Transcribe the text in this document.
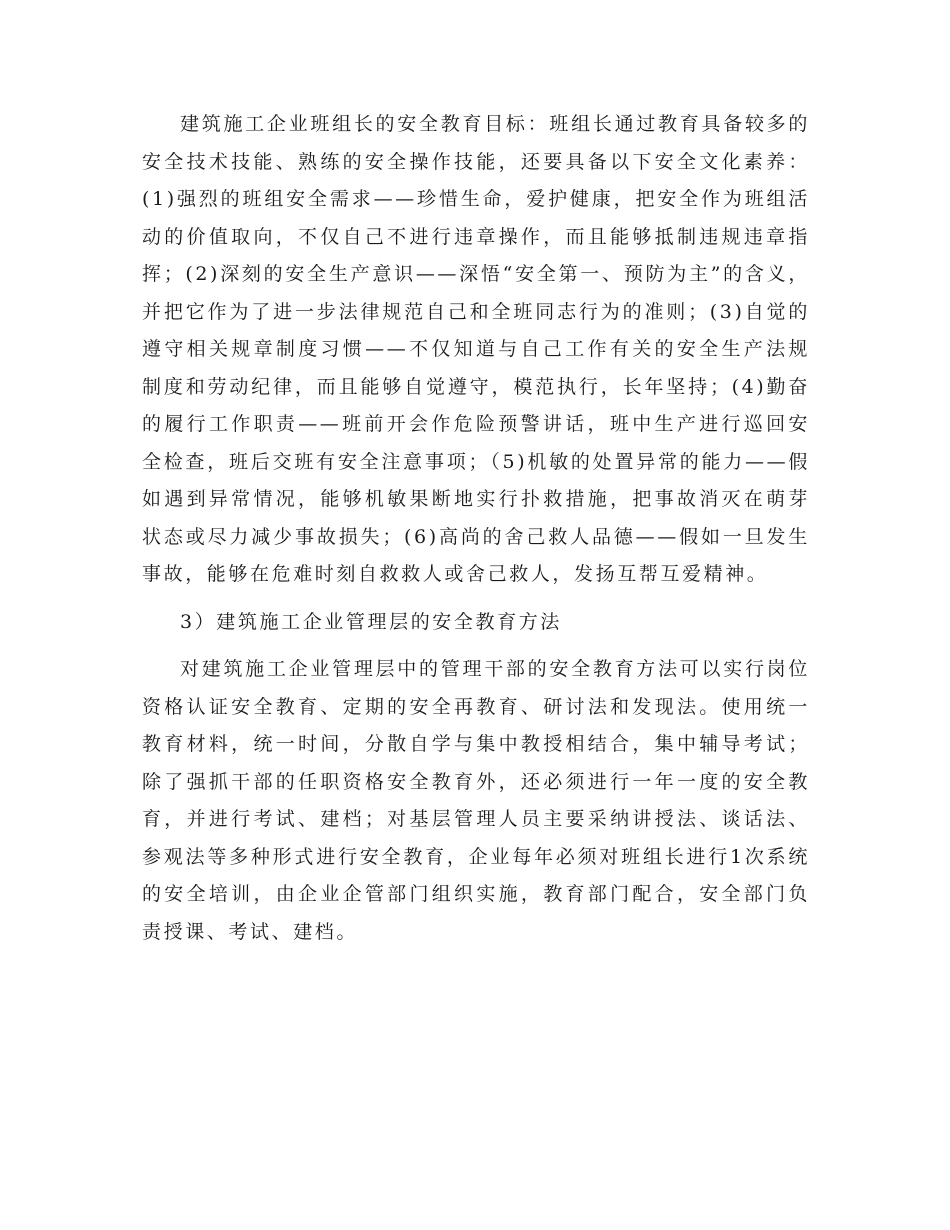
建筑施工企业班组长的安全教育目标：班组长通过教育具备较多的安全技术技能、熟练的安全操作技能，还要具备以下安全文化素养：(1)强烈的班组安全需求——珍惜生命，爱护健康，把安全作为班组活动的价值取向，不仅自己不进行违章操作，而且能够抵制违规违章指挥；(2)深刻的安全生产意识——深悟“安全第一、预防为主”的含义，并把它作为了进一步法律规范自己和全班同志行为的准则；(3)自觉的遵守相关规章制度习惯——不仅知道与自己工作有关的安全生产法规制度和劳动纪律，而且能够自觉遵守，模范执行，长年坚持；(4)勤奋的履行工作职责——班前开会作危险预警讲话，班中生产进行巡回安全检查，班后交班有安全注意事项；（5)机敏的处置异常的能力——假如遇到异常情况，能够机敏果断地实行扑救措施，把事故消灭在萌芽状态或尽力减少事故损失；(6)高尚的舍己救人品德——假如一旦发生事故，能够在危难时刻自救救人或舍己救人，发扬互帮互爱精神。

3）建筑施工企业管理层的安全教育方法

对建筑施工企业管理层中的管理干部的安全教育方法可以实行岗位资格认证安全教育、定期的安全再教育、研讨法和发现法。使用统一教育材料，统一时间，分散自学与集中教授相结合，集中辅导考试；除了强抓干部的任职资格安全教育外，还必须进行一年一度的安全教育，并进行考试、建档；对基层管理人员主要采纳讲授法、谈话法、参观法等多种形式进行安全教育，企业每年必须对班组长进行1次系统的安全培训，由企业企管部门组织实施，教育部门配合，安全部门负责授课、考试、建档。
